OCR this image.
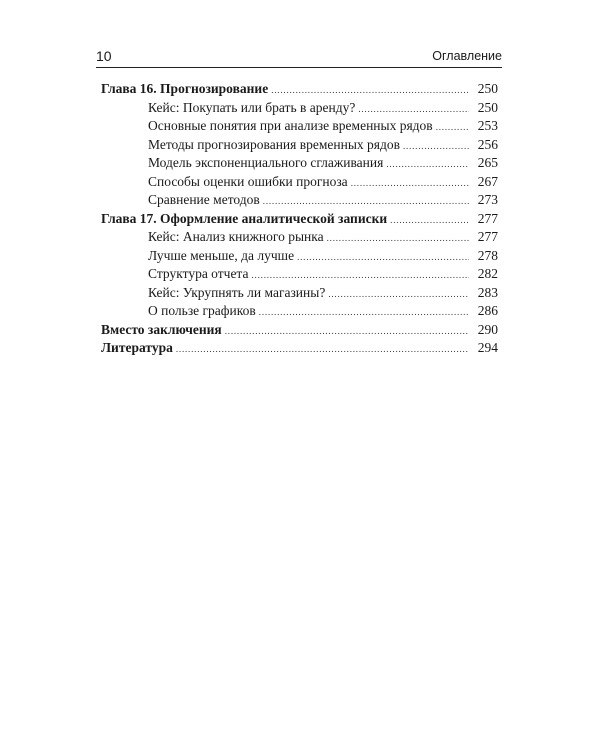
10	Оглавление
Глава 16. Прогнозирование .....	250
Кейс: Покупать или брать в аренду? .....	250
Основные понятия при анализе временных рядов .....	253
Методы прогнозирования временных рядов .....	256
Модель экспоненциального сглаживания .....	265
Способы оценки ошибки прогноза .....	267
Сравнение методов .....	273
Глава 17. Оформление аналитической записки .....	277
Кейс: Анализ книжного рынка .....	277
Лучше меньше, да лучше .....	278
Структура отчета .....	282
Кейс: Укрупнять ли магазины? .....	283
О пользе графиков .....	286
Вместо заключения .....	290
Литература .....	294
